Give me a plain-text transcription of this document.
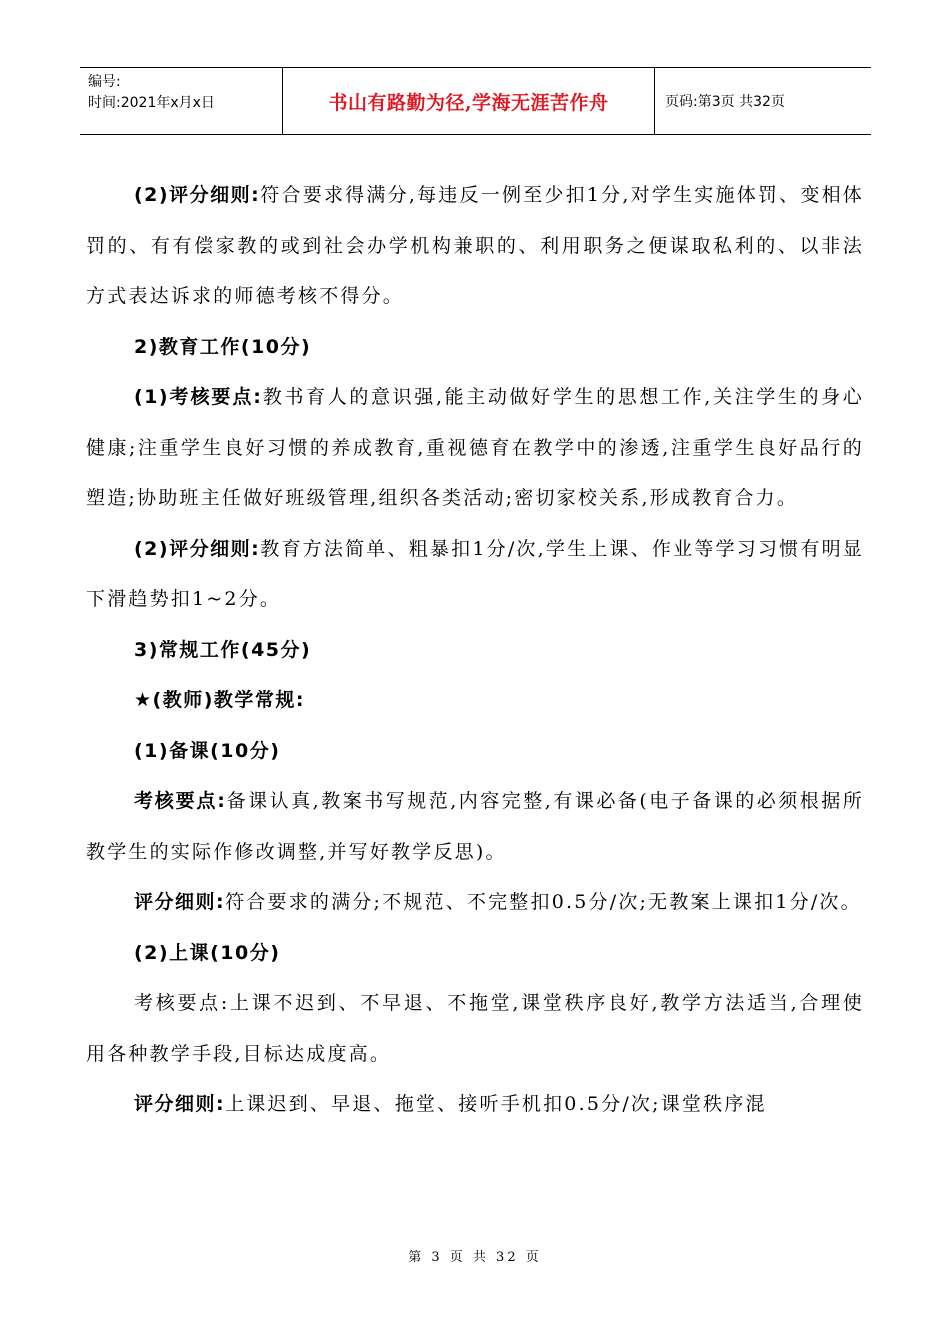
编号:
时间:2021年x月x日	书山有路勤为径,学海无涯苦作舟	页码:第3页 共32页

(2)评分细则:符合要求得满分,每违反一例至少扣1分,对学生实施体罚、变相体罚的、有有偿家教的或到社会办学机构兼职的、利用职务之便谋取私利的、以非法方式表达诉求的师德考核不得分。

2)教育工作(10分)

(1)考核要点:教书育人的意识强,能主动做好学生的思想工作,关注学生的身心健康;注重学生良好习惯的养成教育,重视德育在教学中的渗透,注重学生良好品行的塑造;协助班主任做好班级管理,组织各类活动;密切家校关系,形成教育合力。

(2)评分细则:教育方法简单、粗暴扣1分/次,学生上课、作业等学习习惯有明显下滑趋势扣1~2分。

3)常规工作(45分)

★(教师)教学常规:

(1)备课(10分)

考核要点:备课认真,教案书写规范,内容完整,有课必备(电子备课的必须根据所教学生的实际作修改调整,并写好教学反思)。

评分细则:符合要求的满分;不规范、不完整扣0.5分/次;无教案上课扣1分/次。

(2)上课(10分)

考核要点:上课不迟到、不早退、不拖堂,课堂秩序良好,教学方法适当,合理使用各种教学手段,目标达成度高。

评分细则:上课迟到、早退、拖堂、接听手机扣0.5分/次;课堂秩序混

第 3 页 共 32 页
